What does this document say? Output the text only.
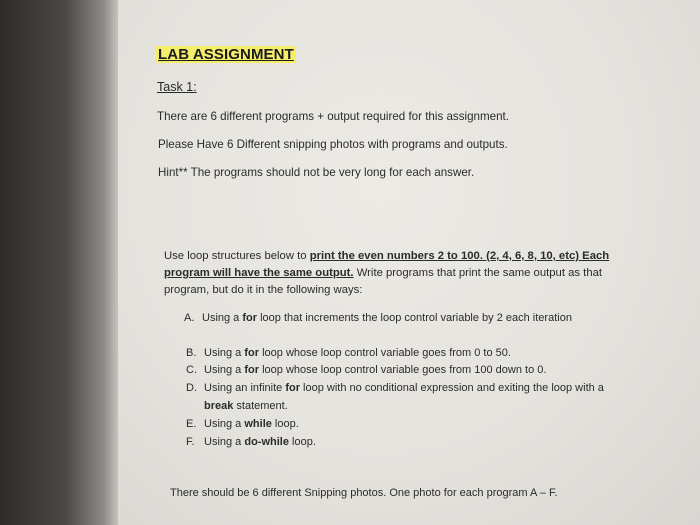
LAB ASSIGNMENT
Task 1:
There are 6 different programs + output required for this assignment.
Please Have 6 Different snipping photos with programs and outputs.
Hint** The programs should not be very long for each answer.
Use loop structures below to print the even numbers 2 to 100. (2, 4, 6, 8, 10, etc) Each program will have the same output. Write programs that print the same output as that program, but do it in the following ways:
A. Using a for loop that increments the loop control variable by 2 each iteration
B. Using a for loop whose loop control variable goes from 0 to 50.
C. Using a for loop whose loop control variable goes from 100 down to 0.
D. Using an infinite for loop with no conditional expression and exiting the loop with a
break statement.
E. Using a while loop.
F. Using a do-while loop.
There should be 6 different Snipping photos. One photo for each program A – F.
